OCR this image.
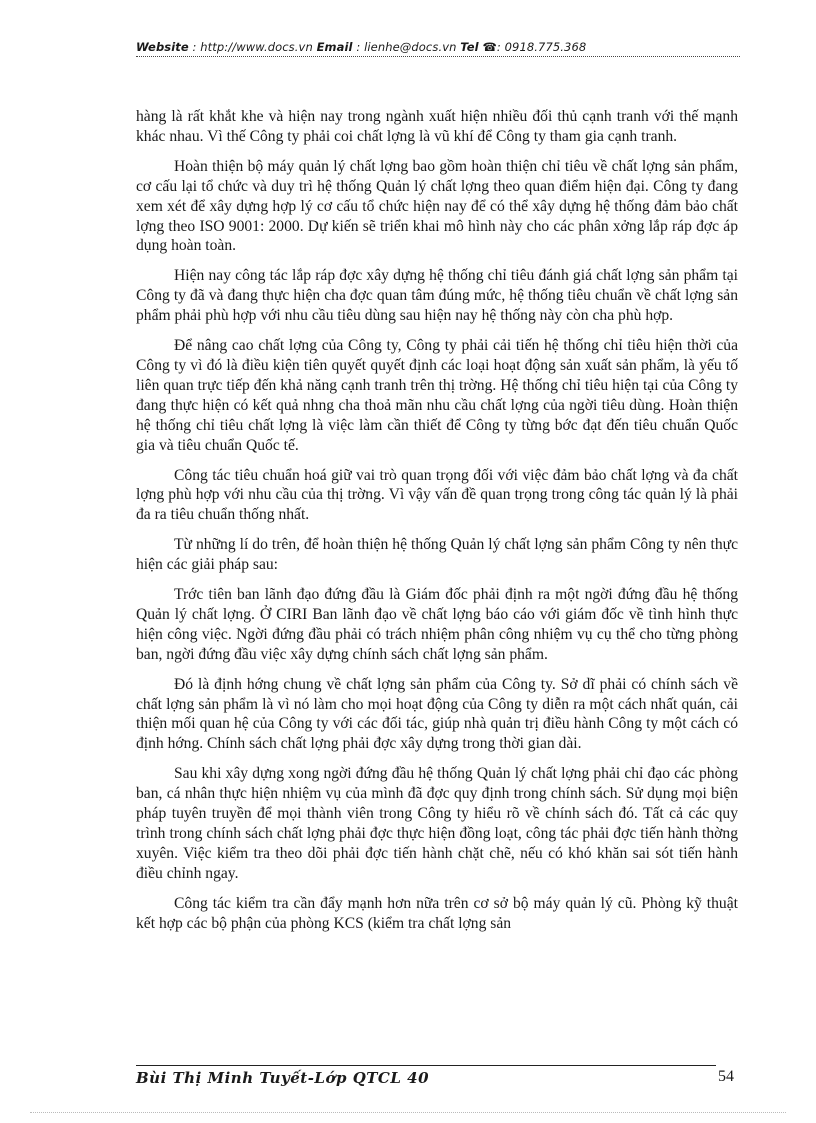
Website : http://www.docs.vn Email : lienhe@docs.vn Tel ☎: 0918.775.368

hàng là rất khắt khe và hiện nay trong ngành xuất hiện nhiều đối thủ cạnh tranh với thế mạnh khác nhau. Vì thế Công ty phải coi chất lợng là vũ khí để Công ty tham gia cạnh tranh.

Hoàn thiện bộ máy quản lý chất lợng bao gồm hoàn thiện chỉ tiêu về chất lợng sản phẩm, cơ cấu lại tổ chức và duy trì hệ thống Quản lý chất lợng theo quan điểm hiện đại. Công ty đang xem xét để xây dựng hợp lý cơ cấu tổ chức hiện nay để có thể xây dựng hệ thống đảm bảo chất lợng theo ISO 9001: 2000. Dự kiến sẽ triển khai mô hình này cho các phân xởng lắp ráp đợc áp dụng hoàn toàn.

Hiện nay công tác lắp ráp đợc xây dựng hệ thống chỉ tiêu đánh giá chất lợng sản phẩm tại Công ty đã và đang thực hiện cha đợc quan tâm đúng mức, hệ thống tiêu chuẩn về chất lợng sản phẩm phải phù hợp với nhu cầu tiêu dùng sau hiện nay hệ thống này còn cha phù hợp.

Để nâng cao chất lợng của Công ty, Công ty phải cải tiến hệ thống chỉ tiêu hiện thời của Công ty vì đó là điều kiện tiên quyết quyết định các loại hoạt động sản xuất sản phẩm, là yếu tố liên quan trực tiếp đến khả năng cạnh tranh trên thị trờng. Hệ thống chỉ tiêu hiện tại của Công ty đang thực hiện có kết quả nhng cha thoả mãn nhu cầu chất lợng của ngời tiêu dùng. Hoàn thiện hệ thống chỉ tiêu chất lợng là việc làm cần thiết để Công ty từng bớc đạt đến tiêu chuẩn Quốc gia và tiêu chuẩn Quốc tế.

Công tác tiêu chuẩn hoá giữ vai trò quan trọng đối với việc đảm bảo chất lợng và đa chất lợng phù hợp với nhu cầu của thị trờng. Vì vậy vấn đề quan trọng trong công tác quản lý là phải đa ra tiêu chuẩn thống nhất.

Từ những lí do trên, để hoàn thiện hệ thống Quản lý chất lợng sản phẩm Công ty nên thực hiện các giải pháp sau:

Trớc tiên ban lãnh đạo đứng đầu là Giám đốc phải định ra một ngời đứng đầu hệ thống Quản lý chất lợng. Ở CIRI Ban lãnh đạo về chất lợng báo cáo với giám đốc về tình hình thực hiện công việc. Ngời đứng đầu phải có trách nhiệm phân công nhiệm vụ cụ thể cho từng phòng ban, ngời đứng đầu việc xây dựng chính sách chất lợng sản phẩm.

Đó là định hớng chung về chất lợng sản phẩm của Công ty. Sở dĩ phải có chính sách về chất lợng sản phẩm là vì nó làm cho mọi hoạt động của Công ty diễn ra một cách nhất quán, cải thiện mối quan hệ của Công ty với các đối tác, giúp nhà quản trị điều hành Công ty một cách có định hớng. Chính sách chất lợng phải đợc xây dựng trong thời gian dài.

Sau khi xây dựng xong ngời đứng đầu hệ thống Quản lý chất lợng phải chỉ đạo các phòng ban, cá nhân thực hiện nhiệm vụ của mình đã đợc quy định trong chính sách. Sử dụng mọi biện pháp tuyên truyền để mọi thành viên trong Công ty hiểu rõ về chính sách đó. Tất cả các quy trình trong chính sách chất lợng phải đợc thực hiện đồng loạt, công tác phải đợc tiến hành thờng xuyên. Việc kiểm tra theo dõi phải đợc tiến hành chặt chẽ, nếu có khó khăn sai sót tiến hành điều chỉnh ngay.

Công tác kiểm tra cần đẩy mạnh hơn nữa trên cơ sở bộ máy quản lý cũ. Phòng kỹ thuật kết hợp các bộ phận của phòng KCS (kiểm tra chất lợng sản

Bùi Thị Minh Tuyết-Lớp QTCL 40	54
